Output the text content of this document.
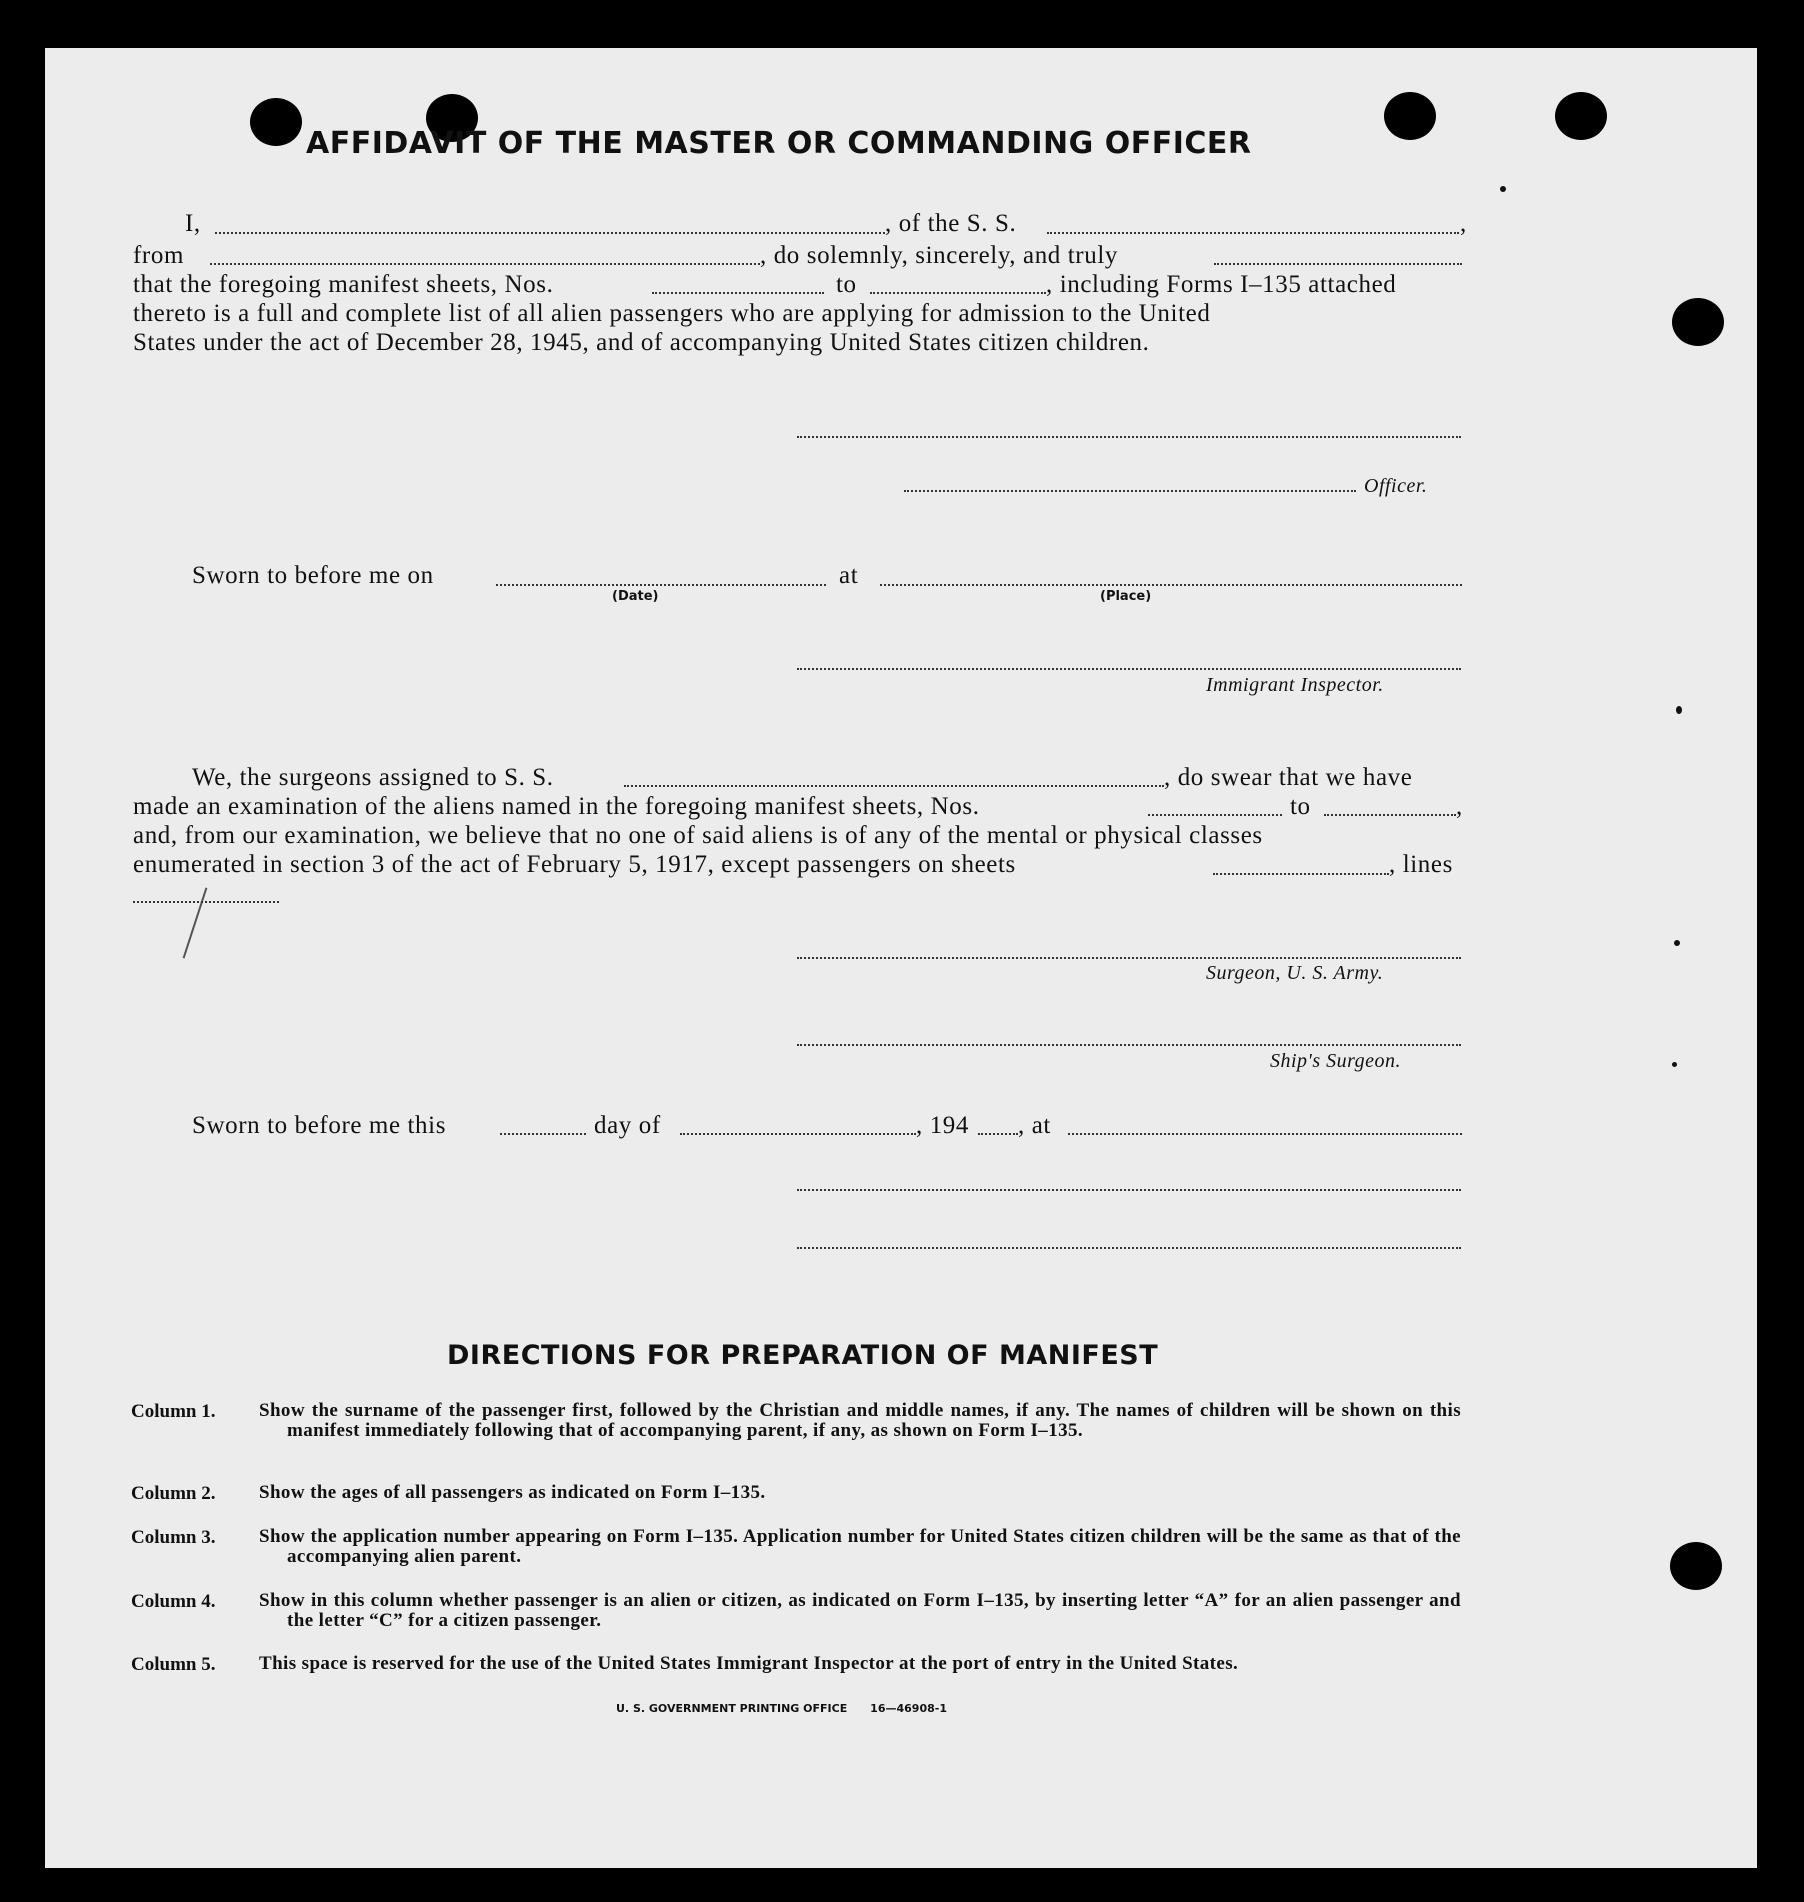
AFFIDAVIT OF THE MASTER OR COMMANDING OFFICER
I,	, of the S. S.	,
from	, do solemnly, sincerely, and truly
that the foregoing manifest sheets, Nos.	to	, including Forms I–135 attached
thereto is a full and complete list of all alien passengers who are applying for admission to the United
States under the act of December 28, 1945, and of accompanying United States citizen children.
Officer.
Sworn to before me on
(Date)
at
(Place)
Immigrant Inspector.
We, the surgeons assigned to S. S.	, do swear that we have
made an examination of the aliens named in the foregoing manifest sheets, Nos.	to	,
and, from our examination, we believe that no one of said aliens is of any of the mental or physical classes
enumerated in section 3 of the act of February 5, 1917, except passengers on sheets	, lines
Surgeon, U. S. Army.
Ship's Surgeon.
Sworn to before me this	day of	, 194 , at
DIRECTIONS FOR PREPARATION OF MANIFEST
Column 1. Show the surname of the passenger first, followed by the Christian and middle names, if any. The names of children will be shown on this manifest immediately following that of accompanying parent, if any, as shown on Form I–135.
Column 2. Show the ages of all passengers as indicated on Form I–135.
Column 3. Show the application number appearing on Form I–135. Application number for United States citizen children will be the same as that of the accompanying alien parent.
Column 4. Show in this column whether passenger is an alien or citizen, as indicated on Form I–135, by inserting letter “A” for an alien passenger and the letter “C” for a citizen passenger.
Column 5. This space is reserved for the use of the United States Immigrant Inspector at the port of entry in the United States.
U. S. GOVERNMENT PRINTING OFFICE      16—46908-1
